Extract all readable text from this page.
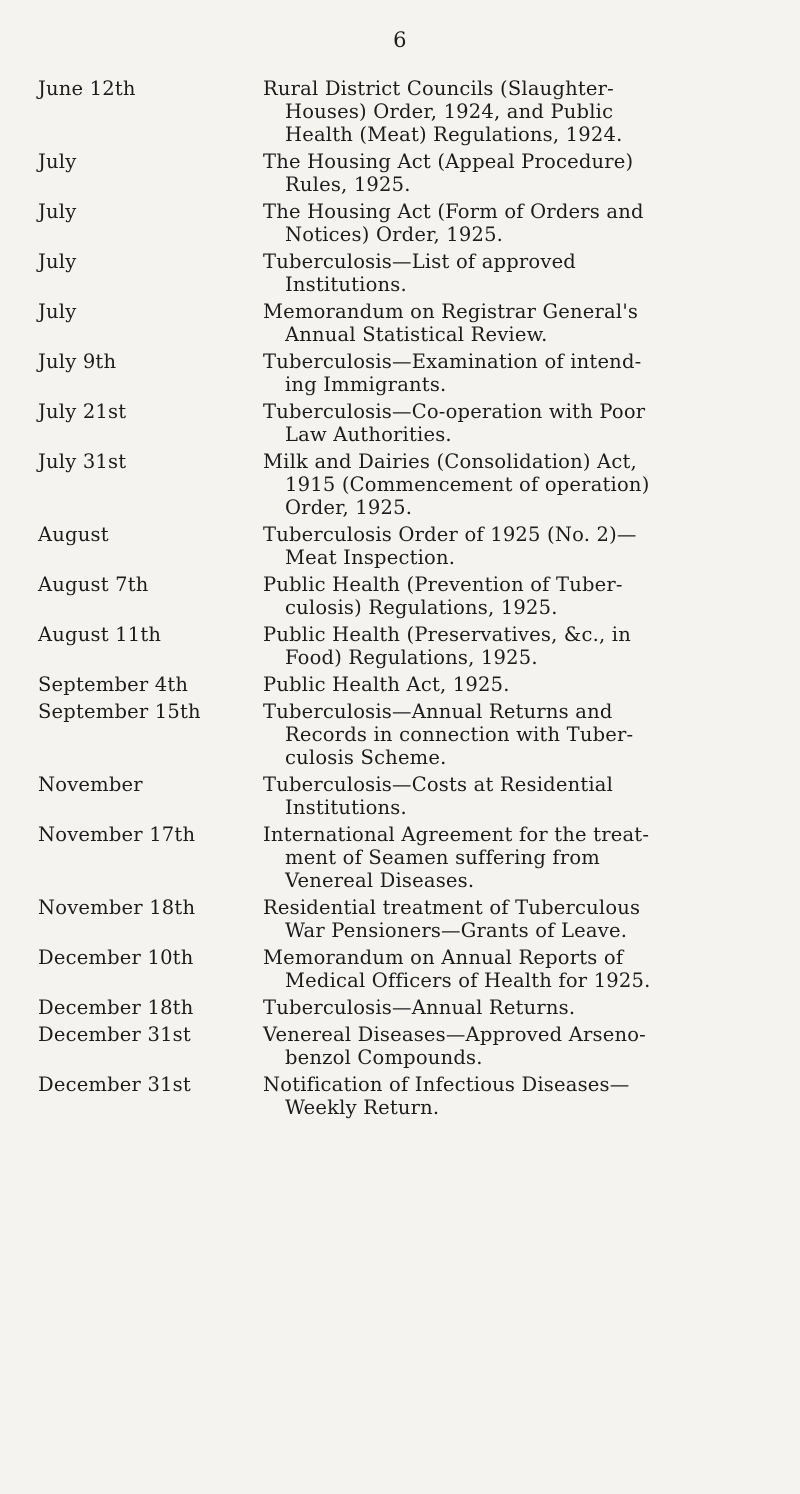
6
June 12th	Rural District Councils (Slaughter-
Houses) Order, 1924, and Public
Health (Meat) Regulations, 1924.
July	The Housing Act (Appeal Procedure)
Rules, 1925.
July	The Housing Act (Form of Orders and
Notices) Order, 1925.
July	Tuberculosis—List of approved
Institutions.
July	Memorandum on Registrar General's
Annual Statistical Review.
July 9th	Tuberculosis—Examination of intend-
ing Immigrants.
July 21st	Tuberculosis—Co-operation with Poor
Law Authorities.
July 31st	Milk and Dairies (Consolidation) Act,
1915 (Commencement of operation)
Order, 1925.
August	Tuberculosis Order of 1925 (No. 2)—
Meat Inspection.
August 7th	Public Health (Prevention of Tuber-
culosis) Regulations, 1925.
August 11th	Public Health (Preservatives, &c., in
Food) Regulations, 1925.
September 4th	Public Health Act, 1925.
September 15th	Tuberculosis—Annual Returns and
Records in connection with Tuber-
culosis Scheme.
November	Tuberculosis—Costs at Residential
Institutions.
November 17th	International Agreement for the treat-
ment of Seamen suffering from
Venereal Diseases.
November 18th	Residential treatment of Tuberculous
War Pensioners—Grants of Leave.
December 10th	Memorandum on Annual Reports of
Medical Officers of Health for 1925.
December 18th	Tuberculosis—Annual Returns.
December 31st	Venereal Diseases—Approved Arseno-
benzol Compounds.
December 31st	Notification of Infectious Diseases—
Weekly Return.
